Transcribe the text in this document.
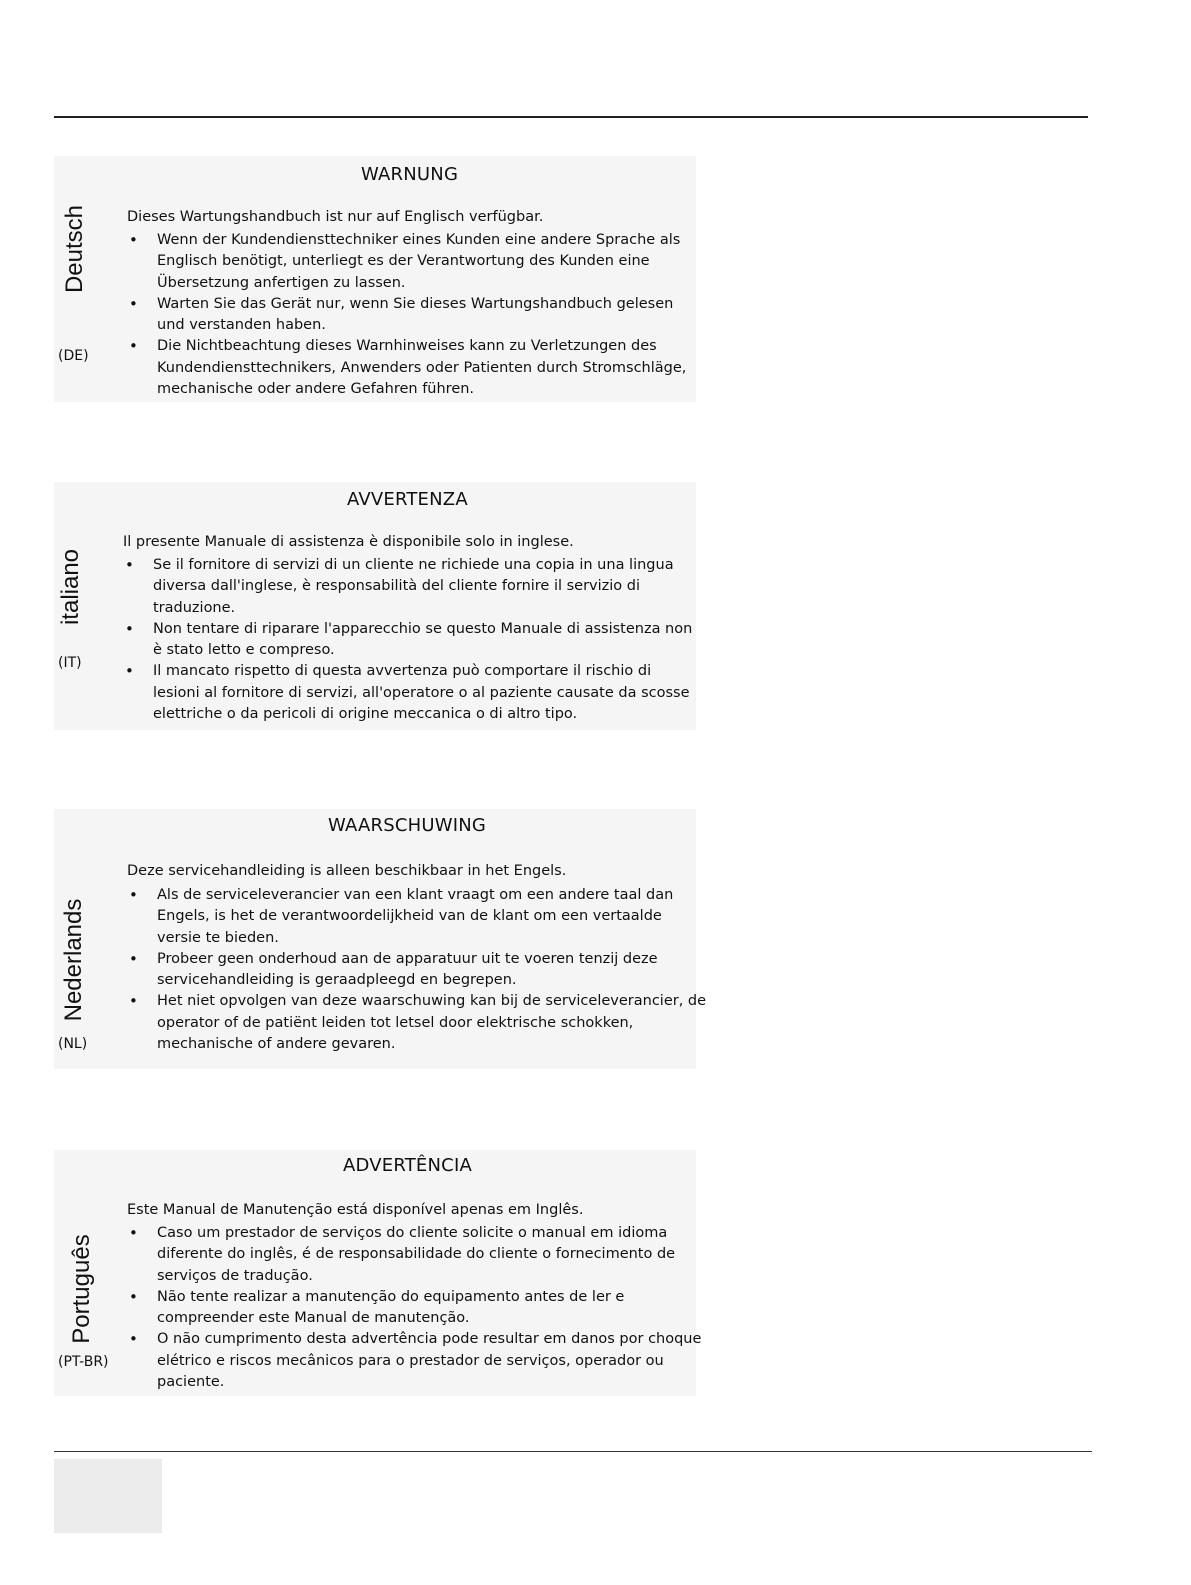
Deutsch
(DE)
WARNUNG
Dieses Wartungshandbuch ist nur auf Englisch verfügbar.
• Wenn der Kundendiensttechniker eines Kunden eine andere Sprache als
Englisch benötigt, unterliegt es der Verantwortung des Kunden eine
Übersetzung anfertigen zu lassen.
• Warten Sie das Gerät nur, wenn Sie dieses Wartungshandbuch gelesen
und verstanden haben.
• Die Nichtbeachtung dieses Warnhinweises kann zu Verletzungen des
Kundendiensttechnikers, Anwenders oder Patienten durch Stromschläge,
mechanische oder andere Gefahren führen.
italiano
(IT)
AVVERTENZA
Il presente Manuale di assistenza è disponibile solo in inglese.
• Se il fornitore di servizi di un cliente ne richiede una copia in una lingua
diversa dall'inglese, è responsabilità del cliente fornire il servizio di
traduzione.
• Non tentare di riparare l'apparecchio se questo Manuale di assistenza non
è stato letto e compreso.
• Il mancato rispetto di questa avvertenza può comportare il rischio di
lesioni al fornitore di servizi, all'operatore o al paziente causate da scosse
elettriche o da pericoli di origine meccanica o di altro tipo.
Nederlands
(NL)
WAARSCHUWING
Deze servicehandleiding is alleen beschikbaar in het Engels.
• Als de serviceleverancier van een klant vraagt om een andere taal dan
Engels, is het de verantwoordelijkheid van de klant om een vertaalde
versie te bieden.
• Probeer geen onderhoud aan de apparatuur uit te voeren tenzij deze
servicehandleiding is geraadpleegd en begrepen.
• Het niet opvolgen van deze waarschuwing kan bij de serviceleverancier, de
operator of de patiënt leiden tot letsel door elektrische schokken,
mechanische of andere gevaren.
Português
(PT-BR)
ADVERTÊNCIA
Este Manual de Manutenção está disponível apenas em Inglês.
• Caso um prestador de serviços do cliente solicite o manual em idioma
diferente do inglês, é de responsabilidade do cliente o fornecimento de
serviços de tradução.
• Não tente realizar a manutenção do equipamento antes de ler e
compreender este Manual de manutenção.
• O não cumprimento desta advertência pode resultar em danos por choque
elétrico e riscos mecânicos para o prestador de serviços, operador ou
paciente.
